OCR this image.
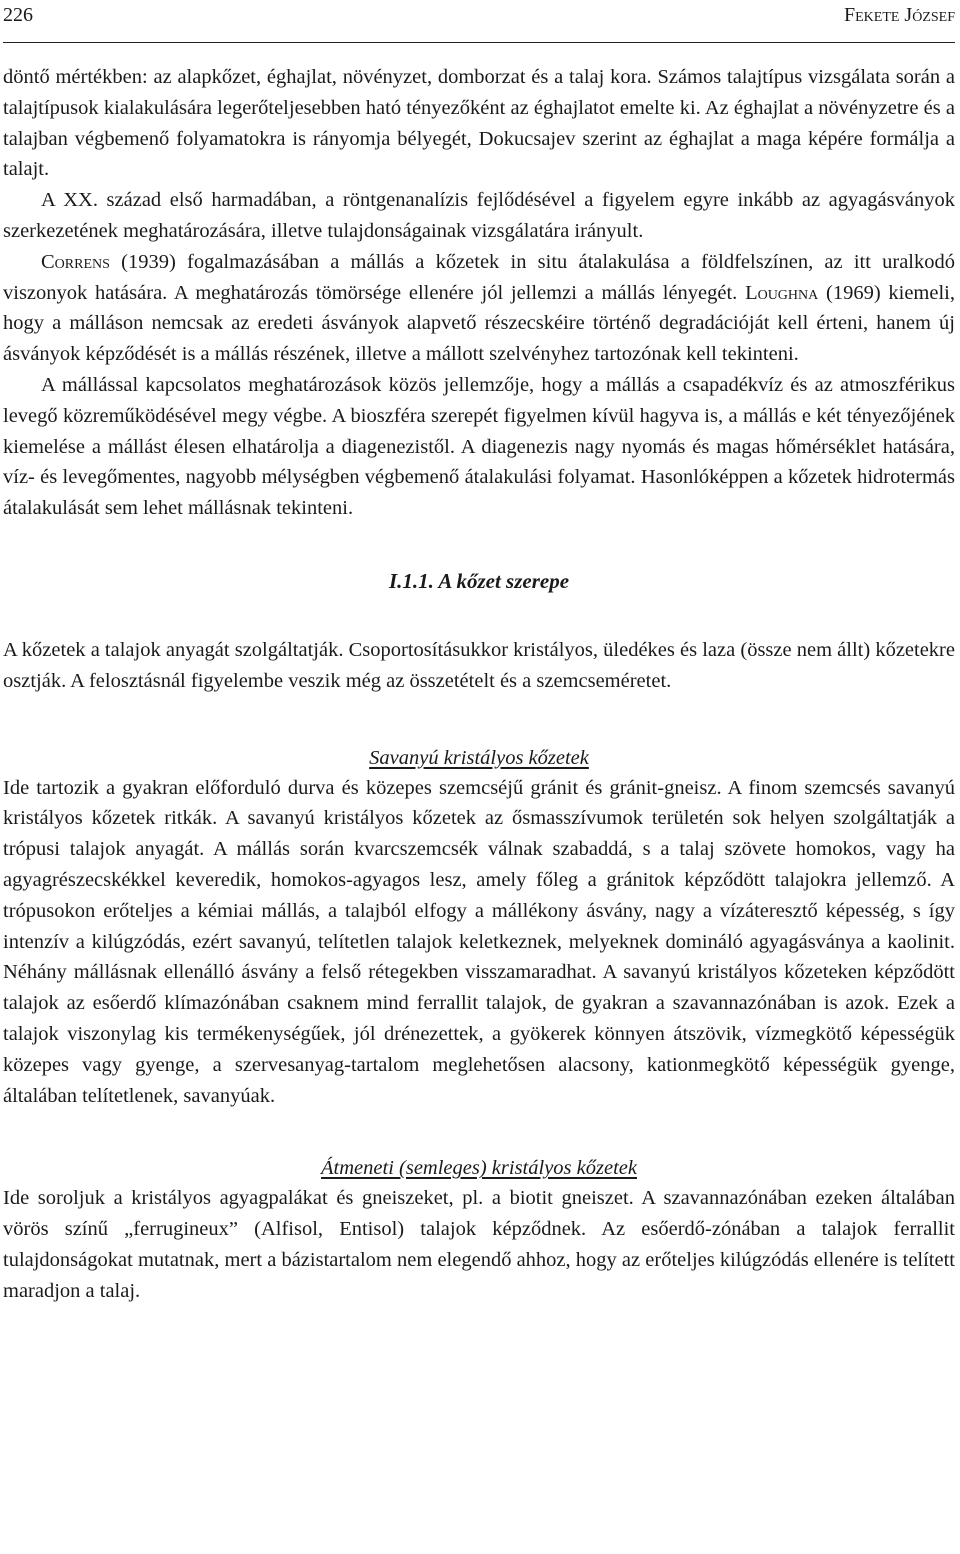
226	Fekete József

döntő mértékben: az alapkőzet, éghajlat, növényzet, domborzat és a talaj kora. Számos talajtípus vizsgálata során a talajtípusok kialakulására legerőteljesebben ható tényezőként az éghajlatot emelte ki. Az éghajlat a növényzetre és a talajban végbemenő folyamatokra is rányomja bélyegét, Dokucsajev szerint az éghajlat a maga képére formálja a talajt.

A XX. század első harmadában, a röntgenanalízis fejlődésével a figyelem egyre inkább az agyagásványok szerkezetének meghatározására, illetve tulajdonságainak vizsgálatára irányult.

Correns (1939) fogalmazásában a mállás a kőzetek in situ átalakulása a földfelszínen, az itt uralkodó viszonyok hatására. A meghatározás tömörsége ellenére jól jellemzi a mállás lényegét. Loughna (1969) kiemeli, hogy a málláson nemcsak az eredeti ásványok alapvető részecskéire történő degradációját kell érteni, hanem új ásványok képződését is a mállás részének, illetve a mállott szelvényhez tartozónak kell tekinteni.

A mállással kapcsolatos meghatározások közös jellemzője, hogy a mállás a csapadékvíz és az atmoszférikus levegő közreműködésével megy végbe. A bioszféra szerepét figyelmen kívül hagyva is, a mállás e két tényezőjének kiemelése a mállást élesen elhatárolja a diagenezistől. A diagenezis nagy nyomás és magas hőmérséklet hatására, víz- és levegőmentes, nagyobb mélységben végbemenő átalakulási folyamat. Hasonlóképpen a kőzetek hidrotermás átalakulását sem lehet mállásnak tekinteni.

I.1.1. A kőzet szerepe

A kőzetek a talajok anyagát szolgáltatják. Csoportosításukkor kristályos, üledékes és laza (össze nem állt) kőzetekre osztják. A felosztásnál figyelembe veszik még az összetételt és a szemcseméretet.

Savanyú kristályos kőzetek

Ide tartozik a gyakran előforduló durva és közepes szemcséjű gránit és gránit-gneisz. A finom szemcsés savanyú kristályos kőzetek ritkák. A savanyú kristályos kőzetek az ősmasszívumok területén sok helyen szolgáltatják a trópusi talajok anyagát. A mállás során kvarcszemcsék válnak szabaddá, s a talaj szövete homokos, vagy ha agyagrészecskékkel keveredik, homokos-agyagos lesz, amely főleg a gránitok képződött talajokra jellemző. A trópusokon erőteljes a kémiai mállás, a talajból elfogy a mállékony ásvány, nagy a vízáteresztő képesség, s így intenzív a kilúgzódás, ezért savanyú, telítetlen talajok keletkeznek, melyeknek domináló agyagásványa a kaolinit. Néhány mállásnak ellenálló ásvány a felső rétegekben visszamaradhat. A savanyú kristályos kőzeteken képződött talajok az esőerdő klímazónában csaknem mind ferrallit talajok, de gyakran a szavannazónában is azok. Ezek a talajok viszonylag kis termékenységűek, jól drénezettek, a gyökerek könnyen átszövik, vízmegkötő képességük közepes vagy gyenge, a szervesanyag-tartalom meglehetősen alacsony, kationmegkötő képességük gyenge, általában telítetlenek, savanyúak.

Átmeneti (semleges) kristályos kőzetek

Ide soroljuk a kristályos agyagpalákat és gneiszeket, pl. a biotit gneiszet. A szavannazónában ezeken általában vörös színű „ferrugineux” (Alfisol, Entisol) talajok képződnek. Az esőerdő-zónában a talajok ferrallit tulajdonságokat mutatnak, mert a bázistartalom nem elegendő ahhoz, hogy az erőteljes kilúgzódás ellenére is telített maradjon a talaj.
